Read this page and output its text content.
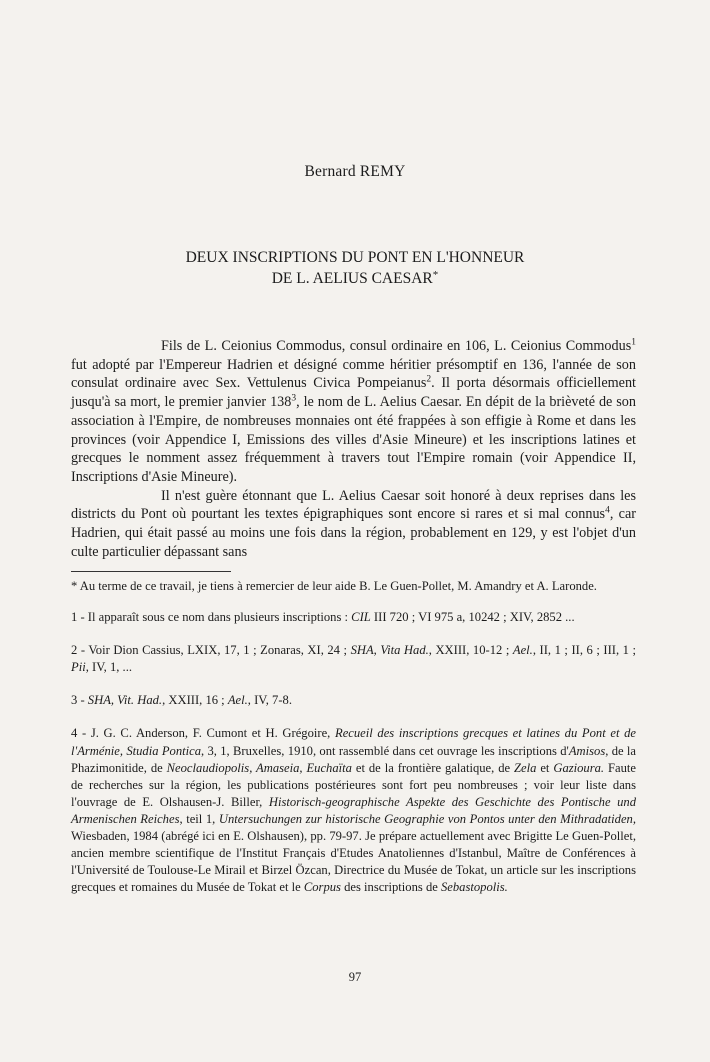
Bernard REMY
DEUX INSCRIPTIONS DU PONT EN L'HONNEUR
DE L. AELIUS CAESAR*

Fils de L. Ceionius Commodus, consul ordinaire en 106, L. Ceionius Commodus$^1$ fut adopté par l'Empereur Hadrien et désigné comme héritier présomptif en 136, l'année de son consulat ordinaire avec Sex. Vettulenus Civica Pompeianus$^2$. Il porta désormais officiellement jusqu'à sa mort, le premier janvier $138^3$, le nom de L. Aelius Caesar. En dépit de la brièveté de son association à l'Empire, de nombreuses monnaies ont été frappées à son effigie à Rome et dans les provinces (voir Appendice I, Emissions des villes d'Asie Mineure) et les inscriptions latines et grecques le nomment assez fréquemment à travers tout l'Empire romain (voir Appendice II, Inscriptions d'Asie Mineure).

Il n'est guère étonnant que L. Aelius Caesar soit honoré à deux reprises dans les districts du Pont où pourtant les textes épigraphiques sont encore si rares et si mal connus$^4$, car Hadrien, qui était passé au moins une fois dans la région, probablement en 129, y est l'objet d'un culte particulier dépassant sans

* Au terme de ce travail, je tiens à remercier de leur aide B. Le Guen-Pollet, M. Amandry et A. Laronde.

1 - Il apparaît sous ce nom dans plusieurs inscriptions : CIL III 720 ; VI 975 a, 10242 ; XIV, 2852 ...

2 - Voir Dion Cassius, LXIX, 17, 1 ; Zonaras, XI, 24 ; SHA, Vita Had., XXIII, 10-12 ; Ael., II, 1 ; II, 6 ; III, 1 ; Pii, IV, 1, ...

3 - SHA, Vit. Had., XXIII, 16 ; Ael., IV, 7-8.

4 - J. G. C. Anderson, F. Cumont et H. Grégoire, Recueil des inscriptions grecques et latines du Pont et de l'Arménie, Studia Pontica, 3, 1, Bruxelles, 1910, ont rassemblé dans cet ouvrage les inscriptions d'Amisos, de la Phazimonitide, de Neoclaudiopolis, Amaseia, Euchaïta et de la frontière galatique, de Zela et Gazioura. Faute de recherches sur la région, les publications postérieures sont fort peu nombreuses ; voir leur liste dans l'ouvrage de E. Olshausen-J. Biller, Historisch-geographische Aspekte des Geschichte des Pontische und Armenischen Reiches, teil 1, Untersuchungen zur historische Geographie von Pontos unter den Mithradatiden, Wiesbaden, 1984 (abrégé ici en E. Olshausen), pp. 79-97. Je prépare actuellement avec Brigitte Le Guen-Pollet, ancien membre scientifique de l'Institut Français d'Etudes Anatoliennes d'Istanbul, Maître de Conférences à l'Université de Toulouse-Le Mirail et Birzel Özcan, Directrice du Musée de Tokat, un article sur les inscriptions grecques et romaines du Musée de Tokat et le Corpus des inscriptions de Sebastopolis.

97
